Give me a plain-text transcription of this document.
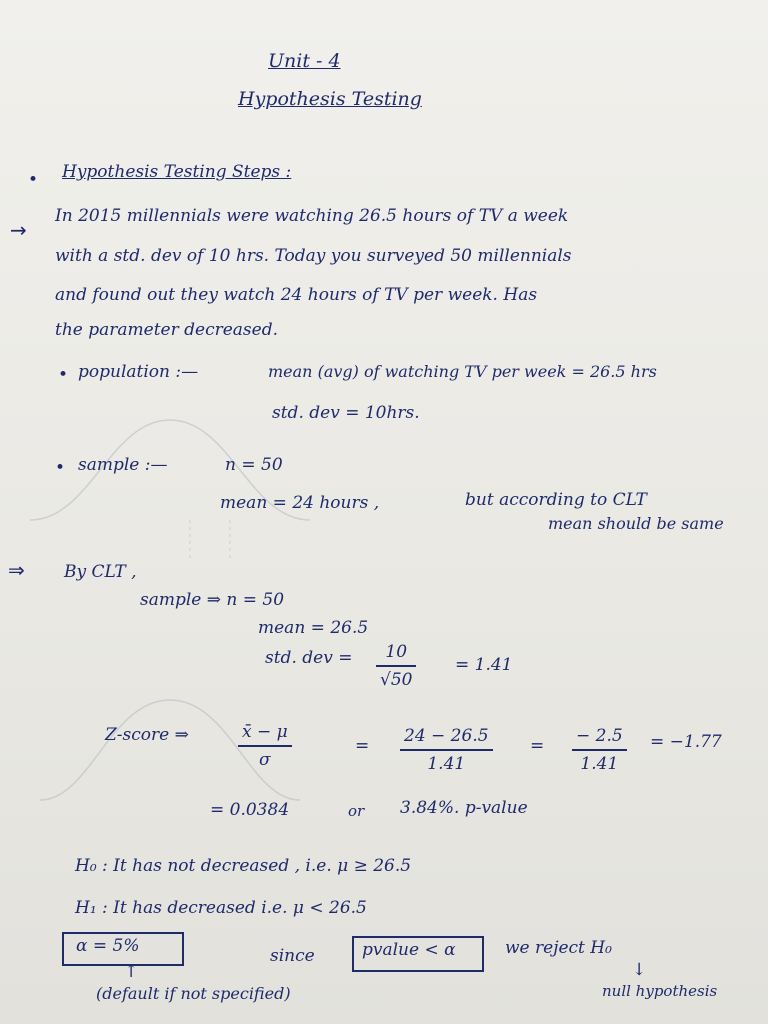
Unit - 4
Hypothesis Testing
• Hypothesis Testing Steps :
→
In 2015 millennials were watching 26.5 hours of TV a week
with a std. dev of 10 hrs. Today you surveyed 50 millennials
and found out they watch 24 hours of TV per week. Has
the parameter decreased.
• population :—	mean (avg) of watching TV per week = 26.5 hrs
std. dev = 10hrs.
• sample :—	n = 50
mean = 24 hours ,	but according to CLT
mean should be same
⇒ By CLT ,
sample ⇒ n = 50
mean = 26.5
std. dev = 10
√50
= 1.41
Z-score ⇒	x̄ − μ
σ
= 24 − 26.5
1.41
= − 2.5
1.41
= −1.77
= 0.0384	or 3.84%. p-value
H₀ : It has not decreased , i.e. μ ≥ 26.5
H₁ : It has decreased i.e. μ < 26.5
α = 5%
↑
(default if not specified)
since	pvalue < α	we reject H₀
↓
null hypothesis
